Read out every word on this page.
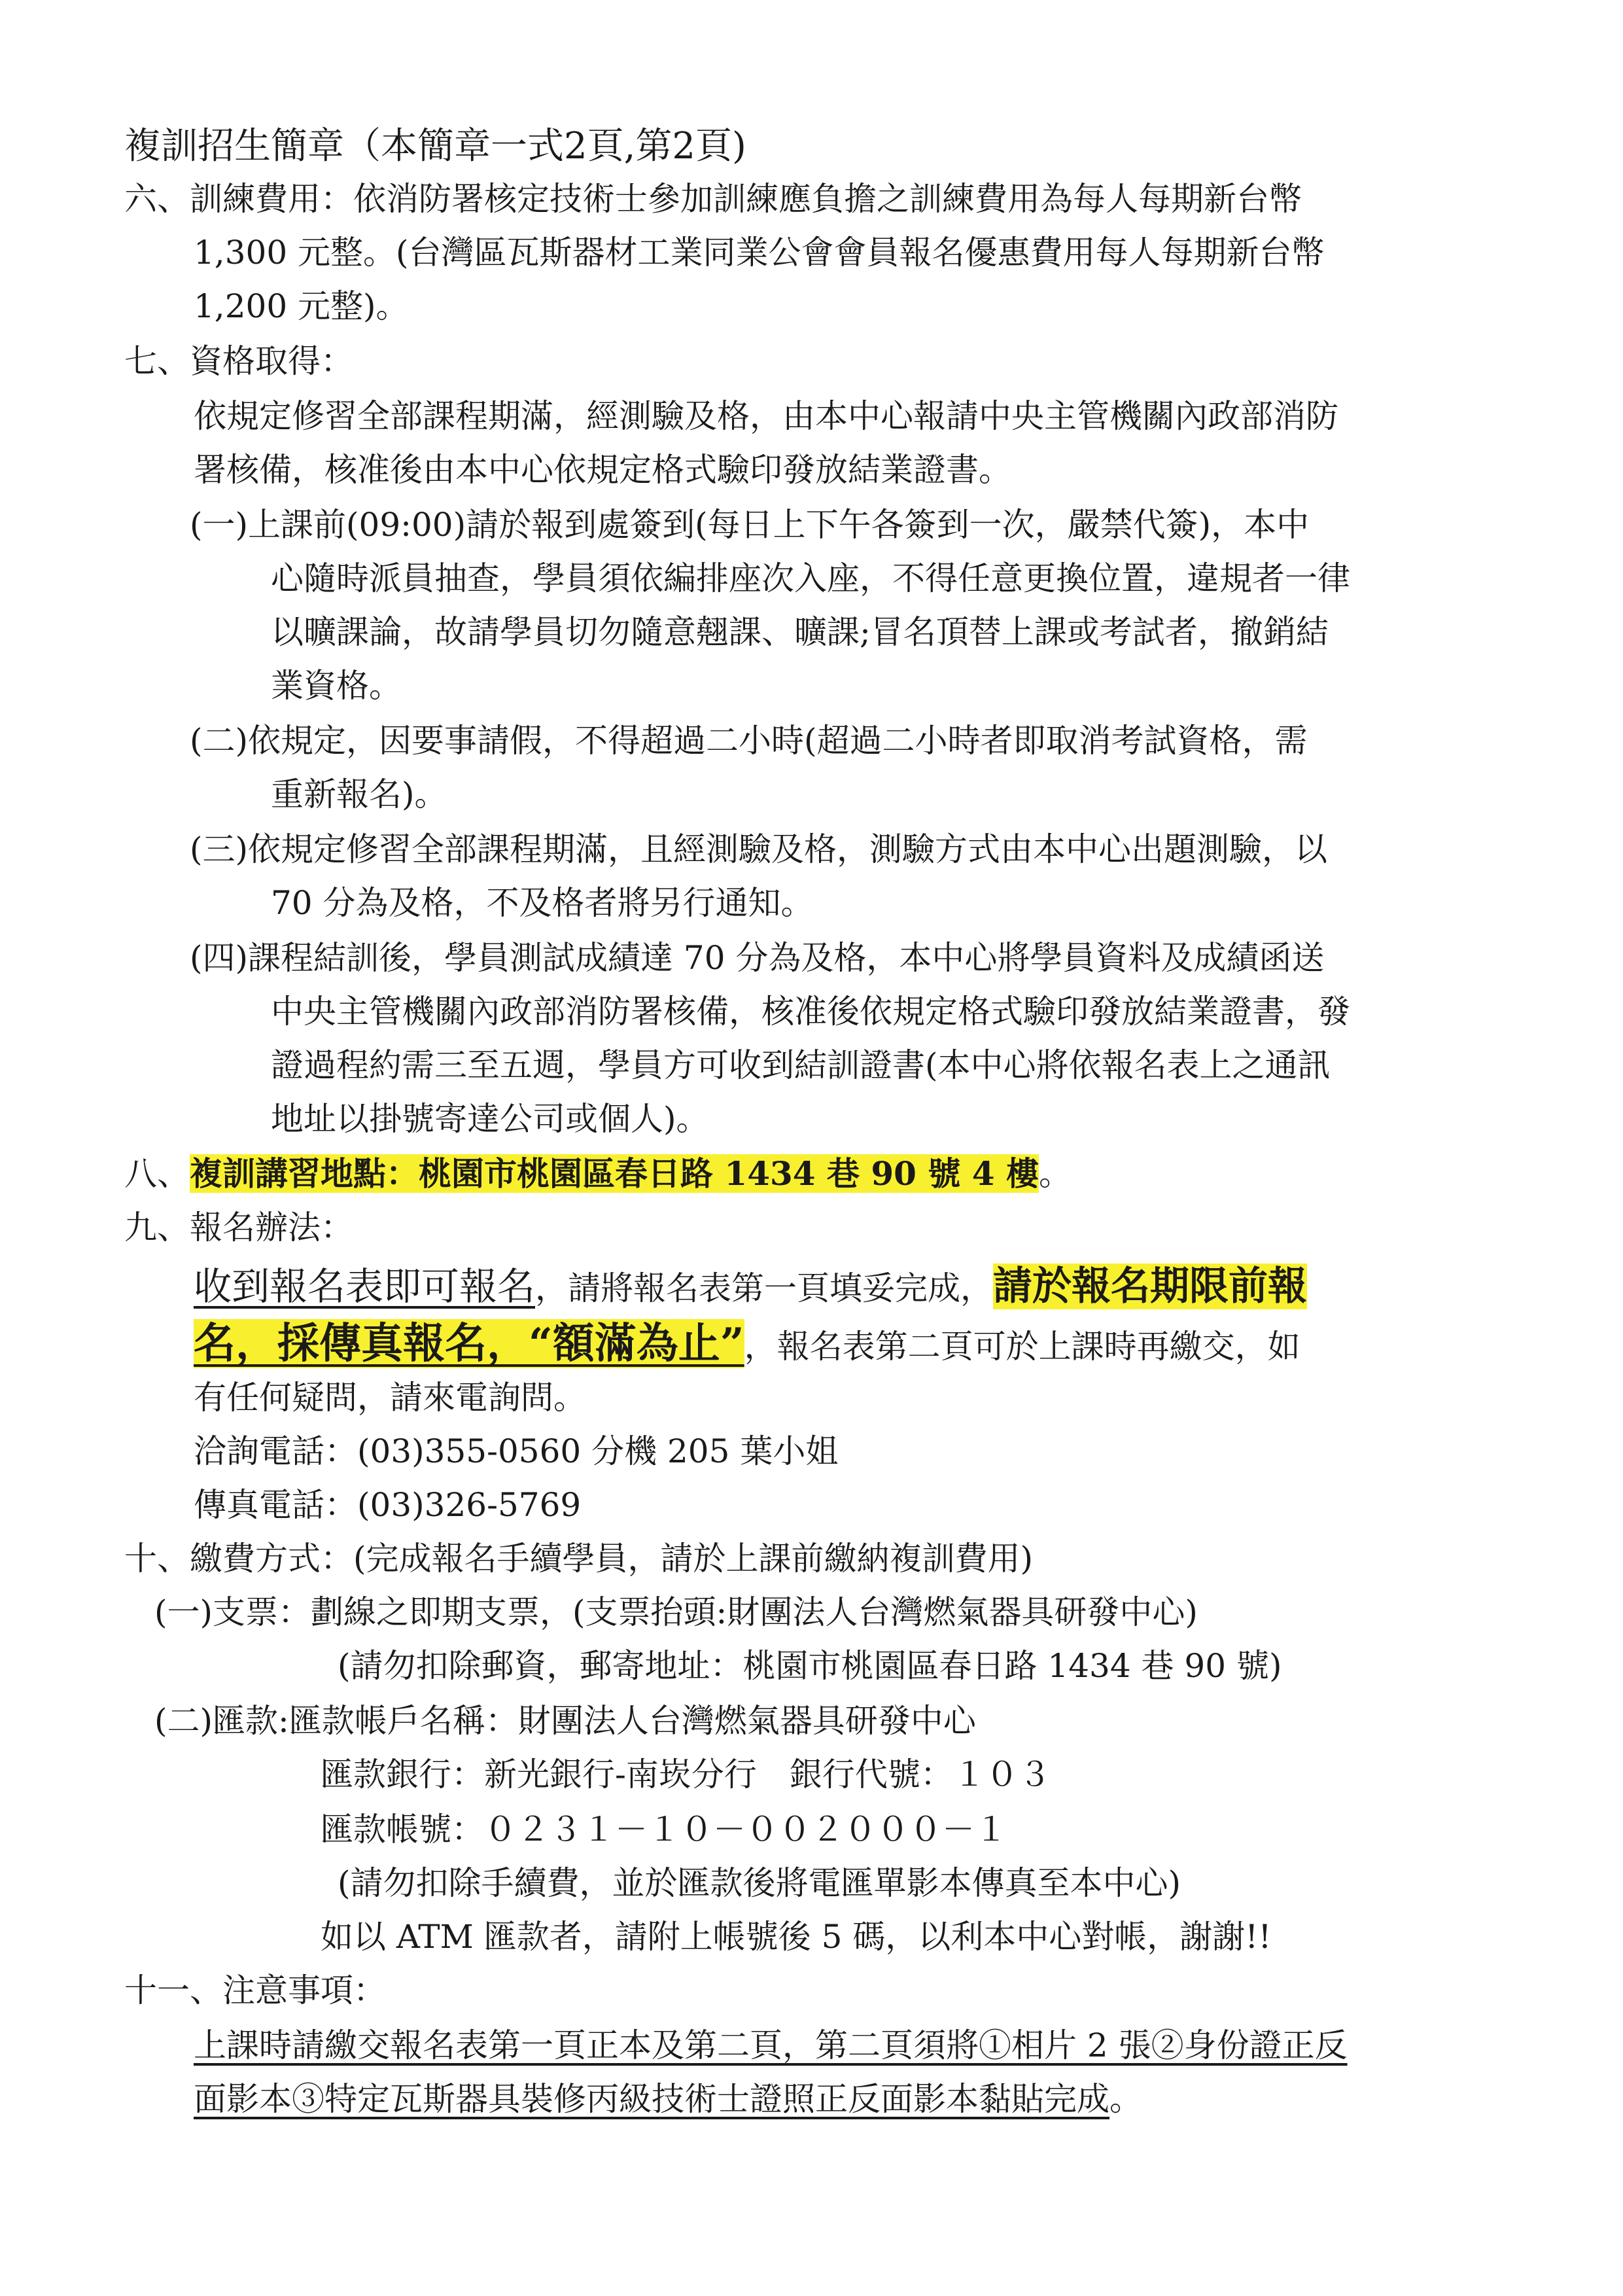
複訓招生簡章（本簡章一式2頁,第2頁)
六、訓練費用：依消防署核定技術士參加訓練應負擔之訓練費用為每人每期新台幣
1,300 元整。(台灣區瓦斯器材工業同業公會會員報名優惠費用每人每期新台幣
1,200 元整)。
七、資格取得：
依規定修習全部課程期滿，經測驗及格，由本中心報請中央主管機關內政部消防
署核備，核准後由本中心依規定格式驗印發放結業證書。
(一)上課前(09:00)請於報到處簽到(每日上下午各簽到一次，嚴禁代簽)，本中
心隨時派員抽查，學員須依編排座次入座，不得任意更換位置，違規者一律
以曠課論，故請學員切勿隨意翹課、曠課;冒名頂替上課或考試者，撤銷結
業資格。
(二)依規定，因要事請假，不得超過二小時(超過二小時者即取消考試資格，需
重新報名)。
(三)依規定修習全部課程期滿，且經測驗及格，測驗方式由本中心出題測驗，以
70 分為及格，不及格者將另行通知。
(四)課程結訓後，學員測試成績達 70 分為及格，本中心將學員資料及成績函送
中央主管機關內政部消防署核備，核准後依規定格式驗印發放結業證書，發
證過程約需三至五週，學員方可收到結訓證書(本中心將依報名表上之通訊
地址以掛號寄達公司或個人)。
八、複訓講習地點：桃園市桃園區春日路 1434 巷 90 號 4 樓。
九、報名辦法：
收到報名表即可報名，請將報名表第一頁填妥完成，請於報名期限前報
名，採傳真報名，“額滿為止”，報名表第二頁可於上課時再繳交，如
有任何疑問，請來電詢問。
洽詢電話：(03)355-0560 分機 205 葉小姐
傳真電話：(03)326-5769
十、繳費方式：(完成報名手續學員，請於上課前繳納複訓費用)
(一)支票：劃線之即期支票，(支票抬頭:財團法人台灣燃氣器具研發中心)
(請勿扣除郵資，郵寄地址：桃園市桃園區春日路 1434 巷 90 號)
(二)匯款:匯款帳戶名稱：財團法人台灣燃氣器具研發中心
匯款銀行：新光銀行-南崁分行　銀行代號：１０３
匯款帳號：０２３１－１０－００２０００－１
(請勿扣除手續費，並於匯款後將電匯單影本傳真至本中心)
如以 ATM 匯款者，請附上帳號後 5 碼，以利本中心對帳，謝謝!!
十一、注意事項：
上課時請繳交報名表第一頁正本及第二頁，第二頁須將①相片 2 張②身份證正反
面影本③特定瓦斯器具裝修丙級技術士證照正反面影本黏貼完成。
